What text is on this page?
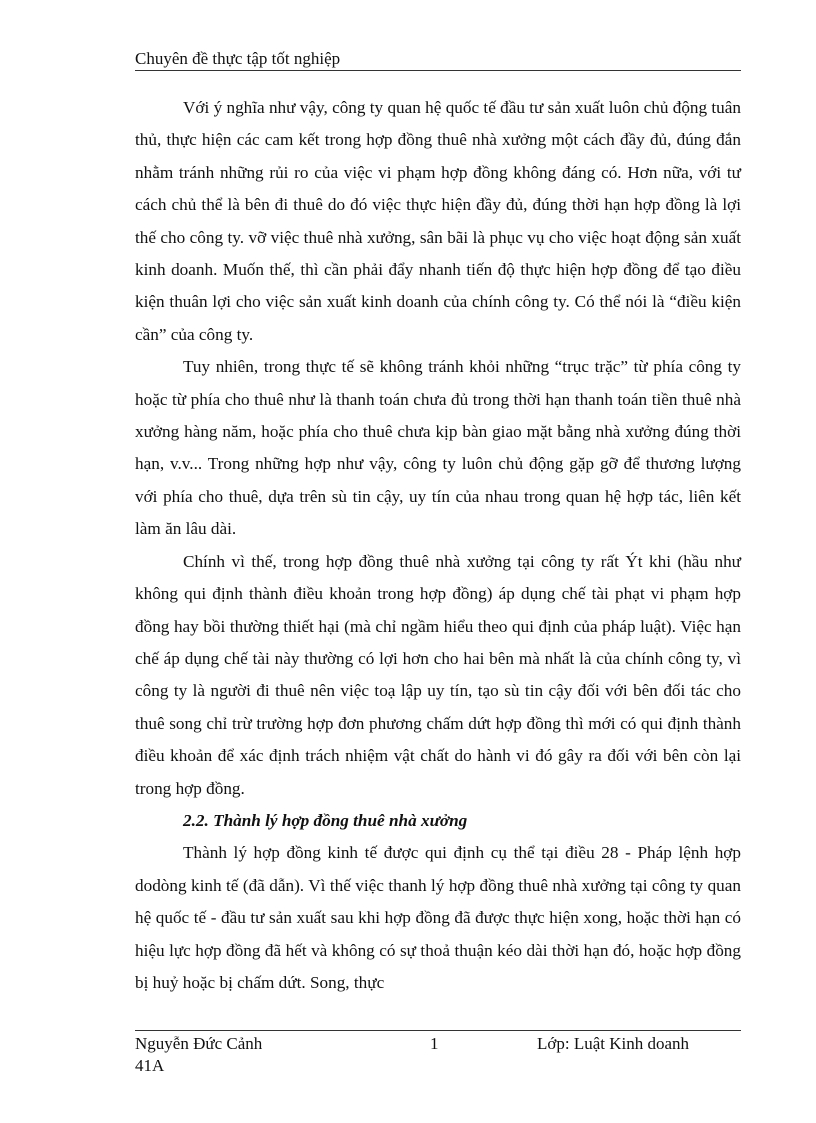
Chuyên đề thực tập tốt nghiệp

Với ý nghĩa như vậy, công ty quan hệ quốc tế đầu tư sản xuất luôn chủ động tuân thủ, thực hiện các cam kết trong hợp đồng thuê nhà xưởng một cách đầy đủ, đúng đắn nhằm tránh những rủi ro của việc vi phạm hợp đồng không đáng có. Hơn nữa, với tư cách chủ thể là bên đi thuê do đó việc thực hiện đầy đủ, đúng thời hạn hợp đồng là lợi thế cho công ty. vỡ việc thuê nhà xưởng, sân bãi là phục vụ cho việc hoạt động sản xuất kinh doanh. Muốn thế, thì cần phải đẩy nhanh tiến độ thực hiện hợp đồng để tạo điều kiện thuân lợi cho việc sản xuất kinh doanh của chính công ty. Có thể nói là “điều kiện cần” của công ty.

Tuy nhiên, trong thực tế sẽ không tránh khỏi những “trục trặc” từ phía công ty hoặc từ phía cho thuê như là thanh toán chưa đủ trong thời hạn thanh toán tiền thuê nhà xưởng hàng năm, hoặc phía cho thuê chưa kịp bàn giao mặt bằng nhà xưởng đúng thời hạn, v.v... Trong những hợp như vậy, công ty luôn chủ động gặp gỡ để thương lượng với phía cho thuê, dựa trên sù tin cậy, uy tín của nhau trong quan hệ hợp tác, liên kết làm ăn lâu dài.

Chính vì thế, trong hợp đồng thuê nhà xưởng tại công ty rất Ýt khi (hầu như không qui định thành điều khoản trong hợp đồng) áp dụng chế tài phạt vi phạm hợp đồng hay bồi thường thiết hại (mà chỉ ngầm hiểu theo qui định của pháp luật). Việc hạn chế áp dụng chế tài này thường có lợi hơn cho hai bên mà nhất là của chính công ty, vì công ty là người đi thuê nên việc toạ lập uy tín, tạo sù tin cậy đối với bên đối tác cho thuê song chỉ trừ trường hợp đơn phương chấm dứt hợp đồng thì mới có qui định thành điều khoản để xác định trách nhiệm vật chất do hành vi đó gây ra đối với bên còn lại trong hợp đồng.

2.2. Thành lý hợp đồng thuê nhà xưởng

Thành lý hợp đồng kinh tế được qui định cụ thể tại điều 28 - Pháp lệnh hợp dodòng kinh tế (đã dẫn). Vì thế việc thanh lý hợp đồng thuê nhà xưởng tại công ty quan hệ quốc tế - đầu tư sản xuất sau khi hợp đồng đã được thực hiện xong, hoặc thời hạn có hiệu lực hợp đồng đã hết và không có sự thoả thuận kéo dài thời hạn đó, hoặc hợp đồng bị huỷ hoặc bị chấm dứt. Song, thực

Nguyễn Đức Cảnh
41A
1	Lớp: Luật Kinh doanh
